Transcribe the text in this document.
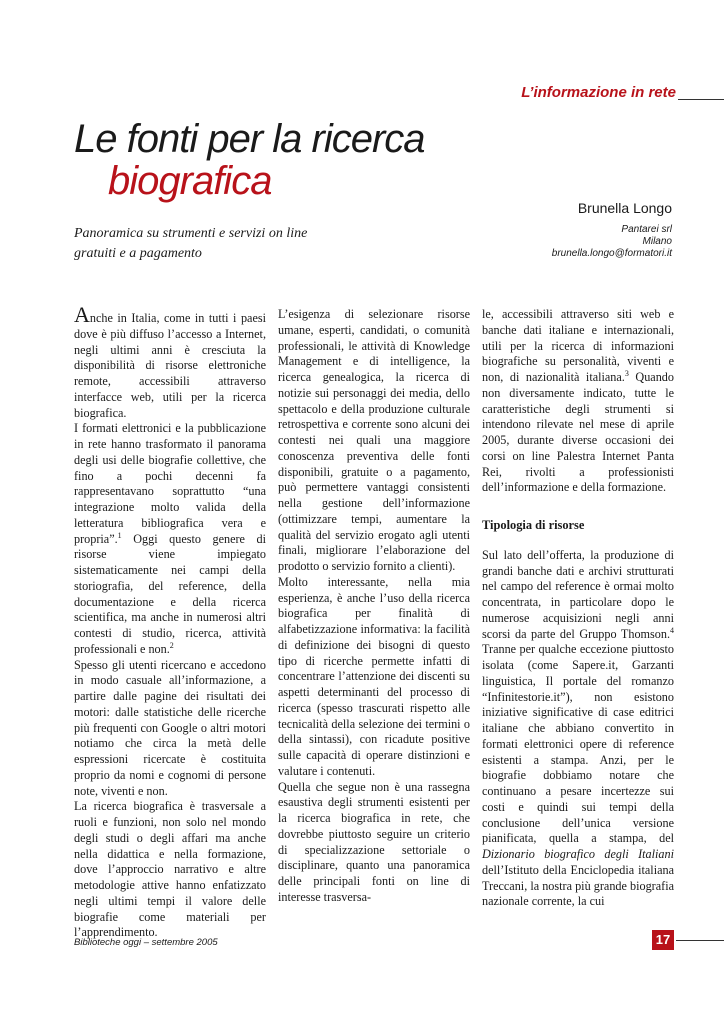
L’informazione in rete
Le fonti per la ricerca
biografica
Brunella Longo
Pantarei srl
Milano
brunella.longo@formatori.it
Panoramica su strumenti e servizi on line
gratuiti e a pagamento

Anche in Italia, come in tutti i paesi dove è più diffuso l’accesso a Internet, negli ultimi anni è cresciuta la disponibilità di risorse elettroniche remote, accessibili attraverso interfacce web, utili per la ricerca biografica.

I formati elettronici e la pubblicazione in rete hanno trasformato il panorama degli usi delle biografie collettive, che fino a pochi decenni fa rappresentavano soprattutto “una integrazione molto valida della letteratura bibliografica vera e propria”.$^1$ Oggi questo genere di risorse viene impiegato sistematicamente nei campi della storiografia, del reference, della documentazione e della ricerca scientifica, ma anche in numerosi altri contesti di studio, ricerca, attività professionali e non.$^2$

Spesso gli utenti ricercano e accedono in modo casuale all’informazione, a partire dalle pagine dei risultati dei motori: dalle statistiche delle ricerche più frequenti con Google o altri motori notiamo che circa la metà delle espressioni ricercate è costituita proprio da nomi e cognomi di persone note, viventi e non.

La ricerca biografica è trasversale a ruoli e funzioni, non solo nel mondo degli studi o degli affari ma anche nella didattica e nella formazione, dove l’approccio narrativo e altre metodologie attive hanno enfatizzato negli ultimi tempi il valore delle biografie come materiali per l’apprendimento.

L’esigenza di selezionare risorse umane, esperti, candidati, o comunità professionali, le attività di Knowledge Management e di intelligence, la ricerca genealogica, la ricerca di notizie sui personaggi dei media, dello spettacolo e della produzione culturale retrospettiva e corrente sono alcuni dei contesti nei quali una maggiore conoscenza preventiva delle fonti disponibili, gratuite o a pagamento, può permettere vantaggi consistenti nella gestione dell’informazione (ottimizzare tempi, aumentare la qualità del servizio erogato agli utenti finali, migliorare l’elaborazione del prodotto o servizio fornito a clienti).

Molto interessante, nella mia esperienza, è anche l’uso della ricerca biografica per finalità di alfabetizzazione informativa: la facilità di definizione dei bisogni di questo tipo di ricerche permette infatti di concentrare l’attenzione dei discenti su aspetti determinanti del processo di ricerca (spesso trascurati rispetto alle tecnicalità della selezione dei termini o della sintassi), con ricadute positive sulle capacità di operare distinzioni e valutare i contenuti.

Quella che segue non è una rassegna esaustiva degli strumenti esistenti per la ricerca biografica in rete, che dovrebbe piuttosto seguire un criterio di specializzazione settoriale o disciplinare, quanto una panoramica delle principali fonti on line di interesse trasversa-

le, accessibili attraverso siti web e banche dati italiane e internazionali, utili per la ricerca di informazioni biografiche su personalità, viventi e non, di nazionalità italiana.$^3$ Quando non diversamente indicato, tutte le caratteristiche degli strumenti si intendono rilevate nel mese di aprile 2005, durante diverse occasioni dei corsi on line Palestra Internet Panta Rei, rivolti a professionisti dell’informazione e della formazione.

Tipologia di risorse

Sul lato dell’offerta, la produzione di grandi banche dati e archivi strutturati nel campo del reference è ormai molto concentrata, in particolare dopo le numerose acquisizioni negli anni scorsi da parte del Gruppo Thomson.$^4$ Tranne per qualche eccezione piuttosto isolata (come Sapere.it, Garzanti linguistica, Il portale del romanzo “Infinitestorie.it”), non esistono iniziative significative di case editrici italiane che abbiano convertito in formati elettronici opere di reference esistenti a stampa. Anzi, per le biografie dobbiamo notare che continuano a pesare incertezze sui costi e quindi sui tempi della conclusione dell’unica versione pianificata, quella a stampa, del Dizionario biografico degli Italiani dell’Istituto della Enciclopedia italiana Treccani, la nostra più grande biografia nazionale corrente, la cui

Biblioteche oggi – settembre 2005	17
